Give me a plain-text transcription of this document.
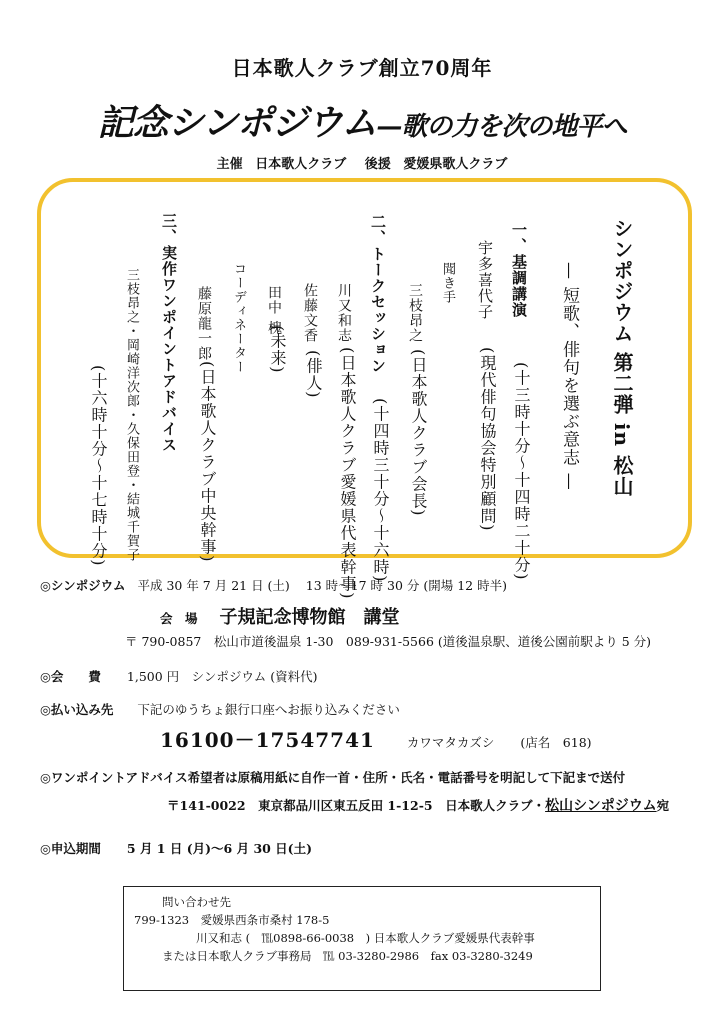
日本歌人クラブ創立70周年
記念シンポジウム—歌の力を次の地平へ
主催 日本歌人クラブ 後援 愛媛県歌人クラブ
シンポジウム 第二弾 in 松山
— 短歌、俳句を選ぶ意志 —
一、基調講演
(十三時十分〜十四時二十分)
宇多喜代子
(現代俳句協会特別顧問)
聞き手
三枝昂之
(日本歌人クラブ会長)
二、トークセッション
(十四時三十分〜十六時)
川又和志
(日本歌人クラブ愛媛県代表幹事)
佐藤文香
(俳人)
田中 槐
(未来)
コーディネーター
藤原龍一郎
(日本歌人クラブ中央幹事)
三、実作ワンポイントアドバイス
三枝昂之・岡崎洋次郎・久保田登・結城千賀子
(十六時十分〜十七時十分)
◎シンポジウム 平成 30 年 7 月 21 日 (土) 13 時〜17 時 30 分 (開場 12 時半)
会　場 子規記念博物館　講堂
〒 790-0857　松山市道後温泉 1-30　089-931-5566 (道後温泉駅、道後公園前駅より 5 分)
◎会　　費 1,500 円　シンポジウム (資料代)
◎払い込み先 下記のゆうちょ銀行口座へお振り込みください
16100－17547741	カワマタカズシ (店名　618)
◎ワンポイントアドバイス希望者は原稿用紙に自作一首・住所・氏名・電話番号を明記して下記まで送付
〒141-0022　東京都品川区東五反田 1-12-5　日本歌人クラブ・松山シンポジウム宛
◎申込期間 5 月 1 日 (月)〜6 月 30 日(土)
問い合わせ先
799-1323　愛媛県西条市桑村 178-5
川又和志 (　℡0898-66-0038　) 日本歌人クラブ愛媛県代表幹事
または日本歌人クラブ事務局　℡ 03-3280-2986　fax 03-3280-3249
